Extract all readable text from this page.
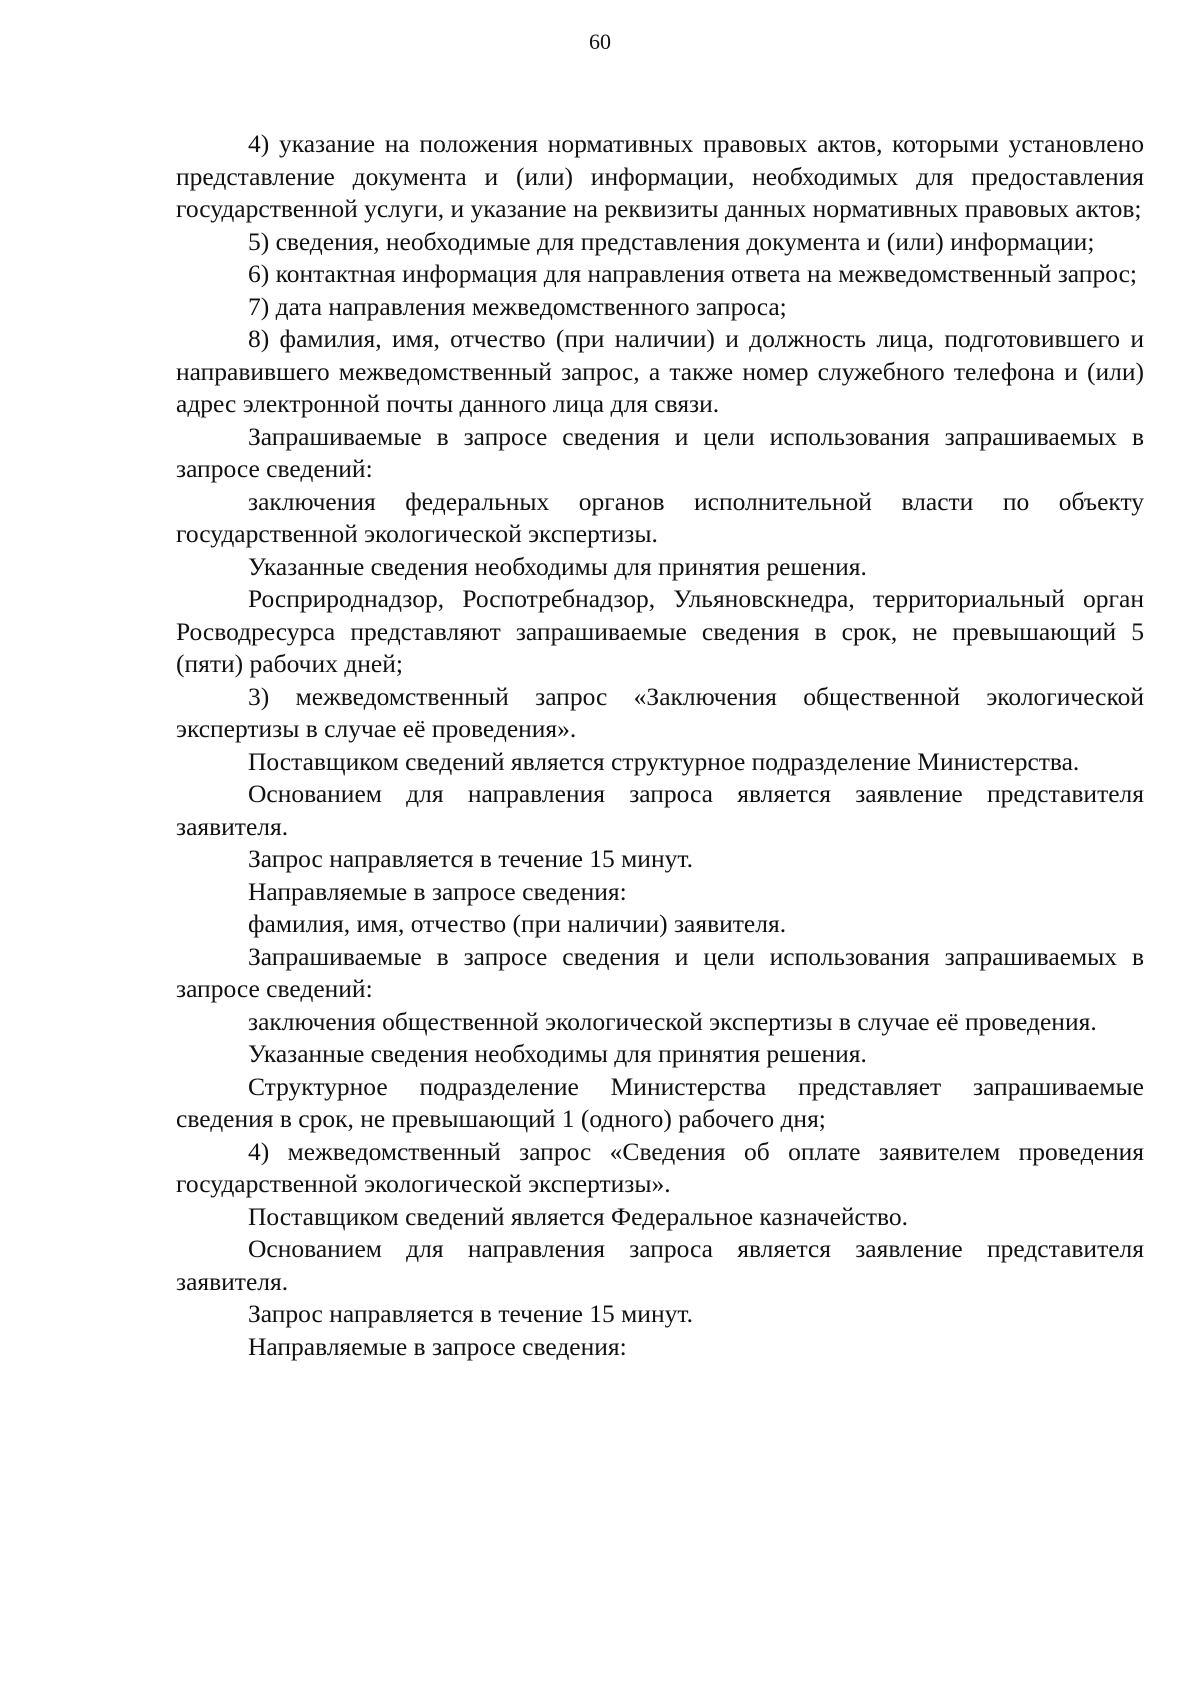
60

4) указание на положения нормативных правовых актов, которыми установлено представление документа и (или) информации, необходимых для предоставления государственной услуги, и указание на реквизиты данных нормативных правовых актов;

5) сведения, необходимые для представления документа и (или) информации;

6) контактная информация для направления ответа на межведомственный запрос;

7) дата направления межведомственного запроса;

8) фамилия, имя, отчество (при наличии) и должность лица, подготовившего и направившего межведомственный запрос, а также номер служебного телефона и (или) адрес электронной почты данного лица для связи.

Запрашиваемые в запросе сведения и цели использования запрашиваемых в запросе сведений:

заключения федеральных органов исполнительной власти по объекту государственной экологической экспертизы.

Указанные сведения необходимы для принятия решения.

Росприроднадзор, Роспотребнадзор, Ульяновскнедра, территориальный орган Росводресурса представляют запрашиваемые сведения в срок, не превышающий 5 (пяти) рабочих дней;

3) межведомственный запрос «Заключения общественной экологической экспертизы в случае её проведения».

Поставщиком сведений является структурное подразделение Министерства.

Основанием для направления запроса является заявление представителя заявителя.

Запрос направляется в течение 15 минут.

Направляемые в запросе сведения:

фамилия, имя, отчество (при наличии) заявителя.

Запрашиваемые в запросе сведения и цели использования запрашиваемых в запросе сведений:

заключения общественной экологической экспертизы в случае её проведения.

Указанные сведения необходимы для принятия решения.

Структурное подразделение Министерства представляет запрашиваемые сведения в срок, не превышающий 1 (одного) рабочего дня;

4) межведомственный запрос «Сведения об оплате заявителем проведения государственной экологической экспертизы».

Поставщиком сведений является Федеральное казначейство.

Основанием для направления запроса является заявление представителя заявителя.

Запрос направляется в течение 15 минут.

Направляемые в запросе сведения:
